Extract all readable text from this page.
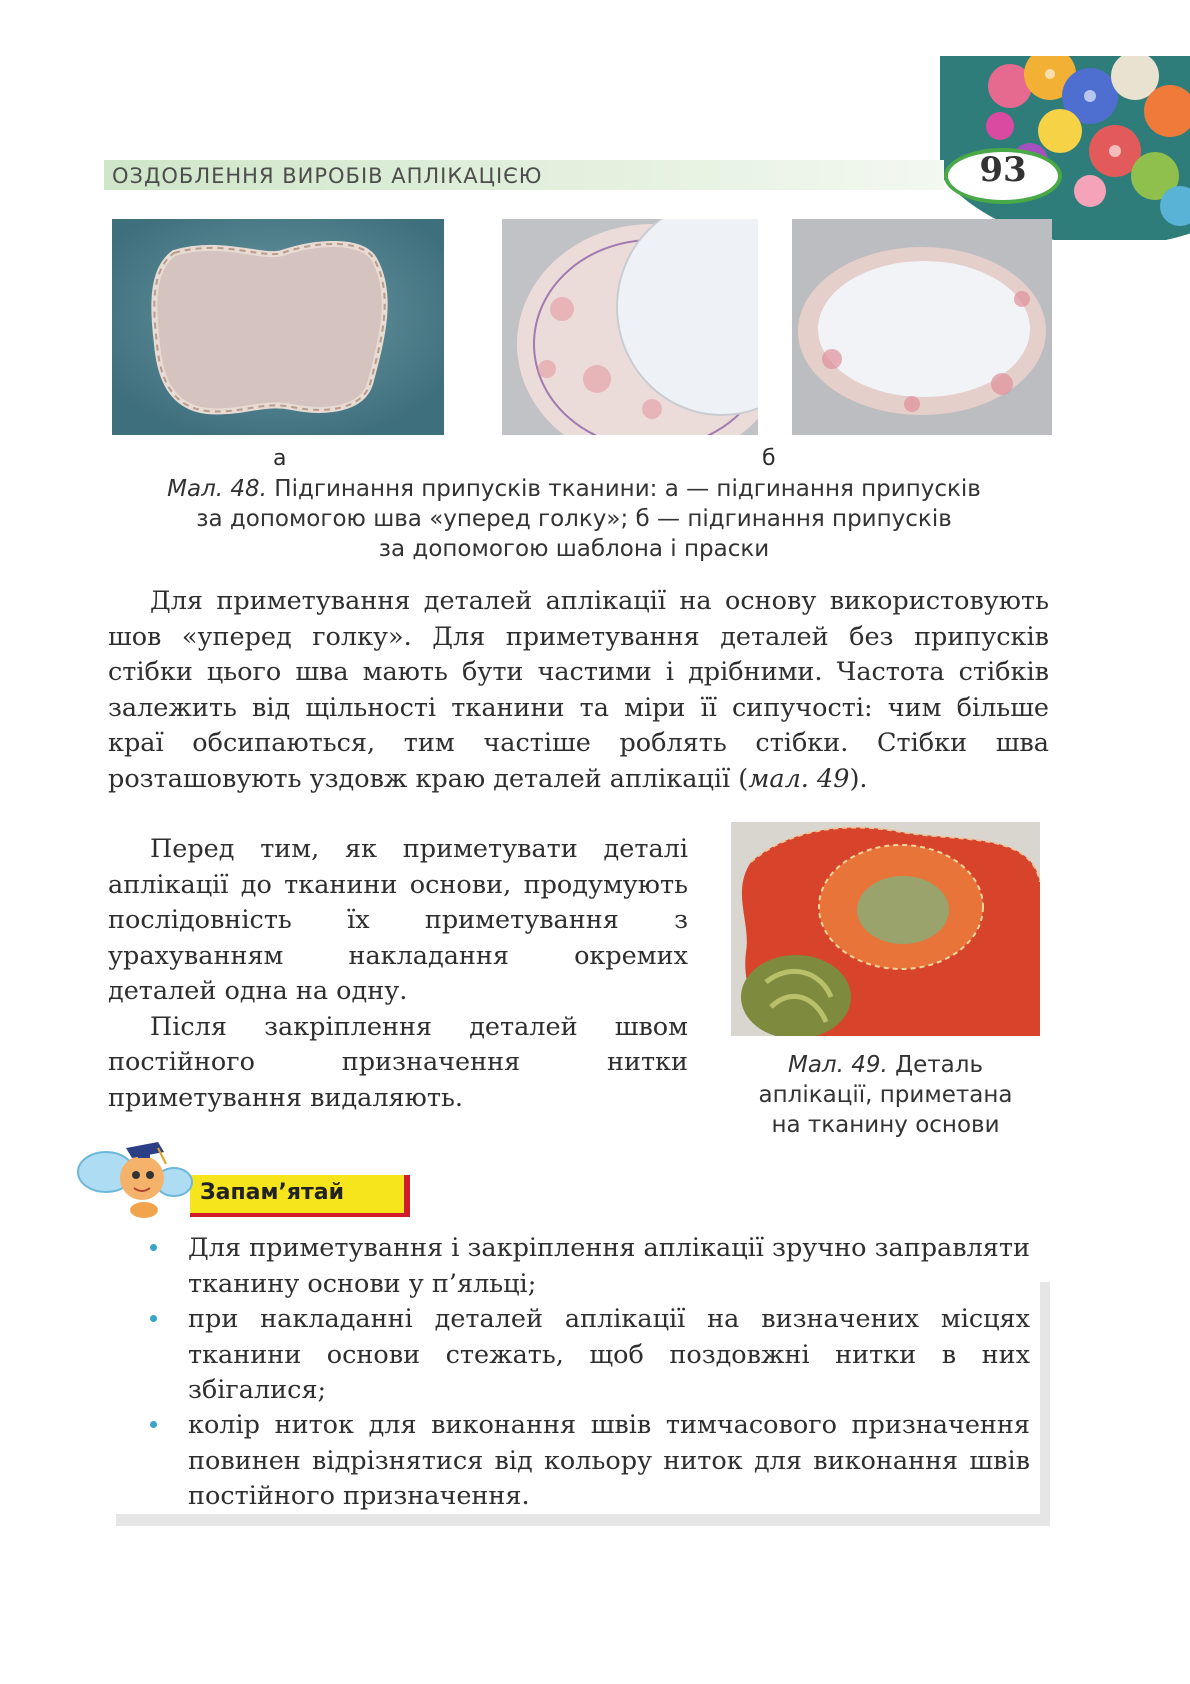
ОЗДОБЛЕННЯ ВИРОБІВ АПЛІКАЦІЄЮ	93
а	б
Мал. 48. Підгинання припусків тканини: а — підгинання припусків
за допомогою шва «уперед голку»; б — підгинання припусків
за допомогою шаблона і праски

Для приметування деталей аплікації на основу використовують шов «уперед голку». Для приметування деталей без припусків стібки цього шва мають бути частими і дрібними. Частота стібків залежить від щільності тканини та міри її сипучості: чим більше краї обсипаються, тим частіше роблять стібки. Стібки шва розташовують уздовж краю деталей аплікації (мал. 49).

Перед тим, як приметувати деталі аплікації до тканини основи, продумують послідовність їх приметування з урахуванням накладання окремих деталей одна на одну.

Після закріплення деталей швом постійного призначення нитки приметування видаляють.

Мал. 49. Деталь
аплікації, приметана
на тканину основи
Запам’ятай
Для приметування і закріплення аплікації зручно заправляти тканину основи у п’яльці;
при накладанні деталей аплікації на визначених місцях тканини основи стежать, щоб поздовжні нитки в них збігалися;
колір ниток для виконання швів тимчасового призначення повинен відрізнятися від кольору ниток для виконання швів постійного призначення.
